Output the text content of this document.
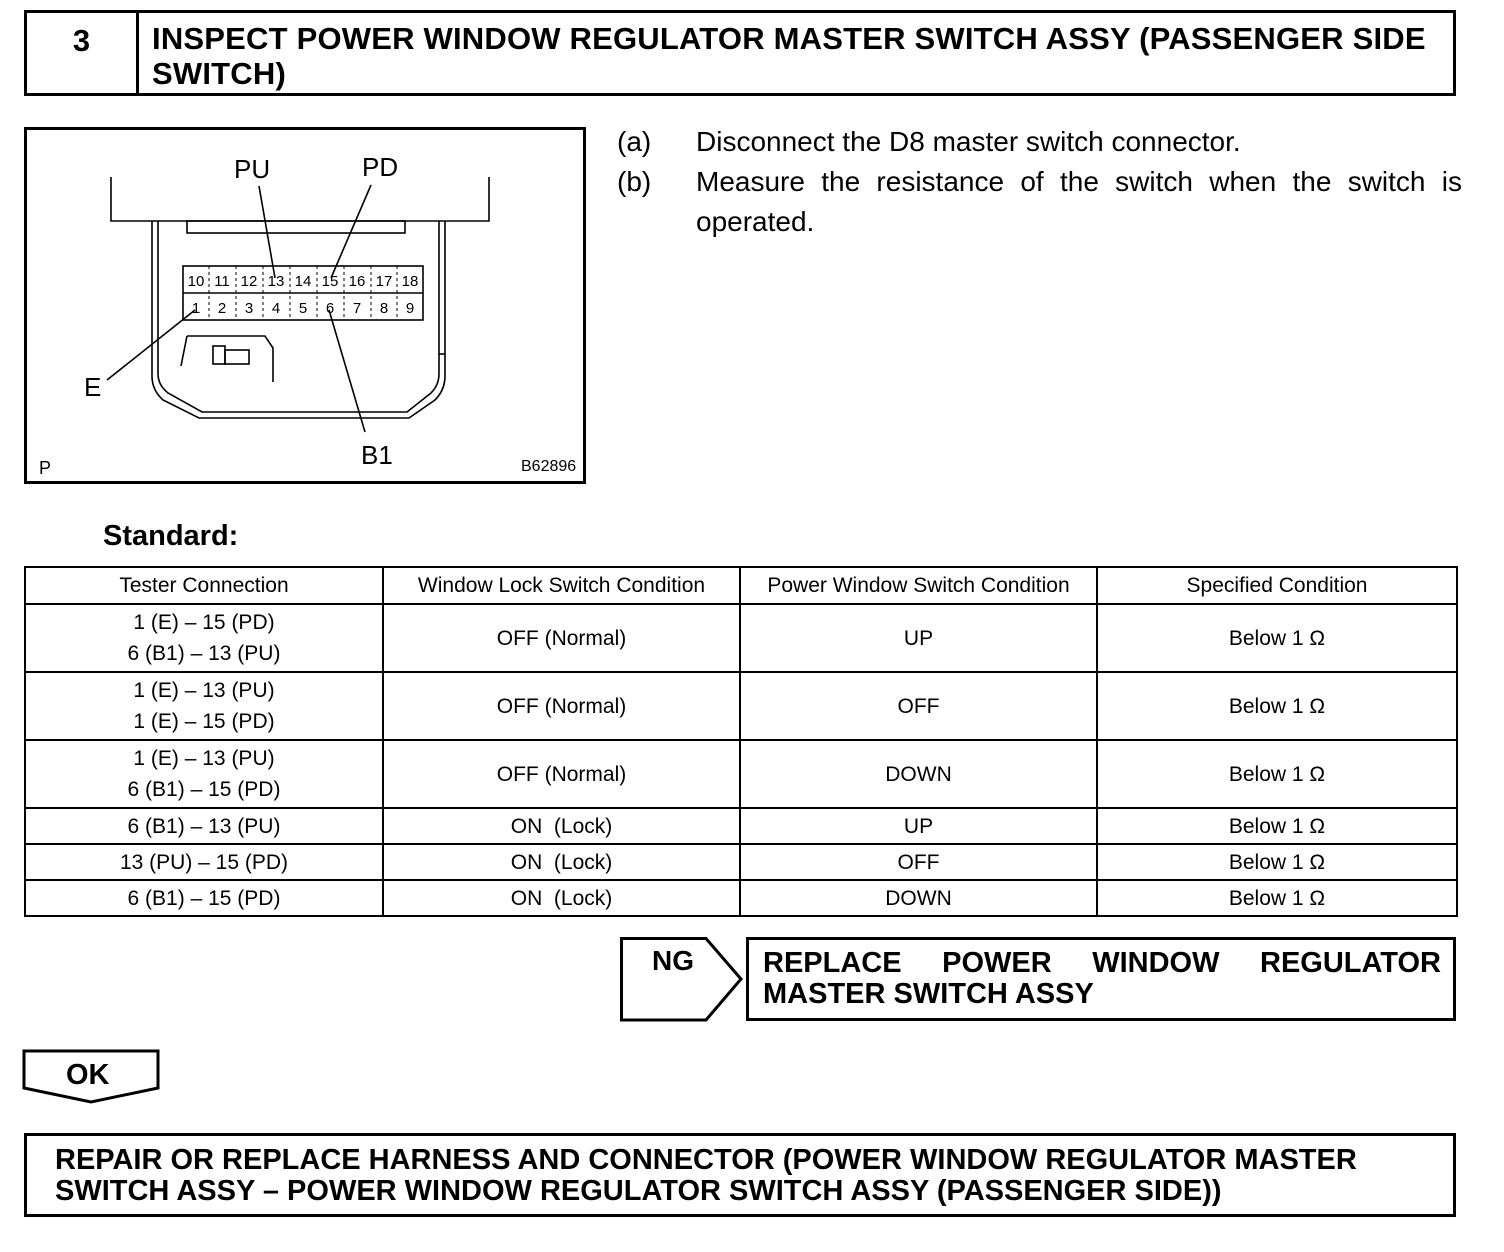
3	INSPECT POWER WINDOW REGULATOR MASTER SWITCH ASSY (PASSENGER SIDE SWITCH)
10 11 12 13 14 15 16 17 18
1 2 3 4 5 6 7 8 9
PU	PD
E
B1
P	B62896
(a)	Disconnect the D8 master switch connector.
(b)	Measure the resistance of the switch when the switch is operated.
Standard:
Tester Connection	Window Lock Switch Condition	Power Window Switch Condition	Specified Condition

1 (E) – 15 (PD)
6 (B1) – 13 (PU)	OFF (Normal)	UP	Below 1 Ω

1 (E) – 13 (PU)
1 (E) – 15 (PD)	OFF (Normal)	OFF	Below 1 Ω

1 (E) – 13 (PU)
6 (B1) – 15 (PD)	OFF (Normal)	DOWN	Below 1 Ω
6 (B1) – 13 (PU)	ON  (Lock)	UP	Below 1 Ω
13 (PU) – 15 (PD)	ON  (Lock)	OFF	Below 1 Ω
6 (B1) – 15 (PD)	ON  (Lock)	DOWN	Below 1 Ω
NG REPLACE POWER WINDOW REGULATOR
MASTER SWITCH ASSY
OK
REPAIR OR REPLACE HARNESS AND CONNECTOR (POWER WINDOW REGULATOR MASTER SWITCH ASSY – POWER WINDOW REGULATOR SWITCH ASSY (PASSENGER SIDE))
